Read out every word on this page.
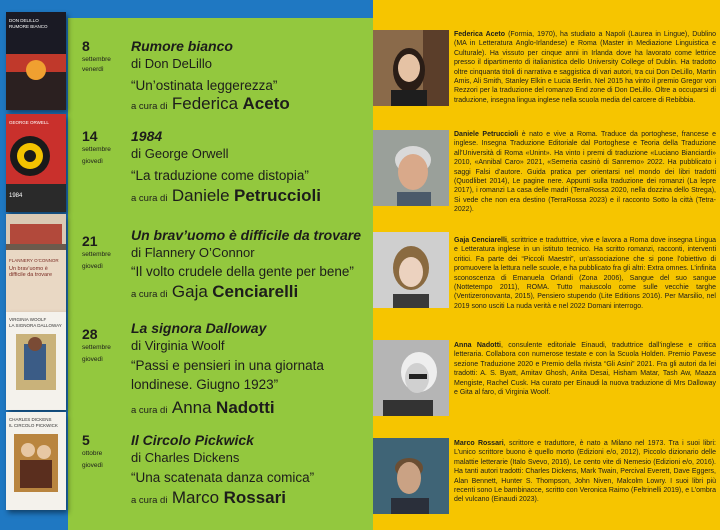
DON DELILLO
RUMORE BIANCO
GEORGE ORWELL
1984
FLANNERY O’CONNOR
Un brav’uomo è difficile da trovare
VIRGINIA WOOLF
LA SIGNORA DALLOWAY
CHARLES DICKENS
IL CIRCOLO PICKWICK
8
settembre
venerdì
Rumore bianco
di Don DeLillo
“Un’ostinata leggerezza”
a cura di Federica Aceto
14
settembre
giovedì
1984
di George Orwell
“La traduzione come distopia”
a cura di Daniele Petruccioli
21
settembre
giovedì
Un brav’uomo è difficile da trovare
di Flannery O’Connor
“Il volto crudele della gente per bene”
a cura di Gaja Cenciarelli
28
settembre
giovedì
La signora Dalloway
di Virginia Woolf
“Passi e pensieri in una giornata londinese. Giugno 1923”
a cura di Anna Nadotti
5
ottobre
giovedì
Il Circolo Pickwick
di Charles Dickens
“Una scatenata danza comica”
a cura di Marco Rossari
Federica Aceto (Formia, 1970), ha studiato a Napoli (Laurea in Lingue), Dublino (MA in Letteratura Anglo-Irlandese) e Roma (Master in Mediazione Linguistica e Culturale). Ha vissuto per cinque anni in Irlanda dove ha lavorato come lettrice presso il dipartimento di italianistica dello University College of Dublin. Ha tradotto oltre cinquanta titoli di narrativa e saggistica di vari autori, tra cui Don DeLillo, Martin Amis, Ali Smith, Stanley Elkin e Lucia Berlin. Nel 2015 ha vinto il premio Gregor von Rezzori per la traduzione del romanzo End zone di Don DeLillo. Oltre a occuparsi di traduzione, insegna lingua inglese nella scuola media del carcere di Rebibbia.
Daniele Petruccioli è nato e vive a Roma. Traduce da portoghese, francese e inglese. Insegna Traduzione Editoriale dal Portoghese e Teoria della Traduzione all’Università di Roma «Unint». Ha vinto i premi di traduzione «Luciano Bianciardi» 2010, «Annibal Caro» 2021, «Semeria casinò di Sanremo» 2022. Ha pubblicato i saggi Falsi d’autore. Guida pratica per orientarsi nel mondo dei libri tradotti (Quodlibet 2014), Le pagine nere. Appunti sulla traduzione dei romanzi (La lepre 2017), i romanzi La casa delle madri (TerraRossa 2020, nella dozzina dello Strega), Si vede che non era destino (TerraRossa 2023) e il racconto Sotto la città (Tetra- 2022).
Gaja Cenciarelli, scrittrice e traduttrice, vive e lavora a Roma dove insegna Lingua e Letteratura inglese in un istituto tecnico. Ha scritto romanzi, racconti, interventi critici. Fa parte dei “Piccoli Maestri”, un’associazione che si pone l’obiettivo di promuovere la lettura nelle scuole, e ha pubblicato fra gli altri: Extra omnes. L’infinita sconoscenza di Emanuela Orlandi (Zona 2006), Sangue del suo sangue (Nottetempo 2011), ROMA. Tutto maiuscolo come sulle vecchie targhe (Ventizeronovanta, 2015), Pensiero stupendo (Lite Editions 2016). Per Marsilio, nel 2019 sono usciti La nuda verità e nel 2022 Domani interrogo.
Anna Nadotti, consulente editoriale Einaudi, traduttrice dall’inglese e critica letteraria. Collabora con numerose testate e con la Scuola Holden. Premio Pavese sezione Traduzione 2020 e Premio della rivista “Gli Asini” 2021. Fra gli autori da lei tradotti: A. S. Byatt, Amitav Ghosh, Anita Desai, Hisham Matar, Tash Aw, Maaza Mengiste, Rachel Cusk. Ha curato per Einaudi la nuova traduzione di Mrs Dalloway e Gita al faro, di Virginia Woolf.
Marco Rossari, scrittore e traduttore, è nato a Milano nel 1973. Tra i suoi libri: L’unico scrittore buono è quello morto (Edizioni e/o, 2012), Piccolo dizionario delle malattie letterarie (Italo Svevo, 2016), Le cento vite di Nemesio (Edizioni e/o, 2016). Ha tanti autori tradotti: Charles Dickens, Mark Twain, Percival Everett, Dave Eggers, Alan Bennett, Hunter S. Thompson, John Niven, Malcolm Lowry. I suoi libri più recenti sono Le bambinacce, scritto con Veronica Raimo (Feltrinelli 2019), e L’ombra del vulcano (Einaudi 2023).
